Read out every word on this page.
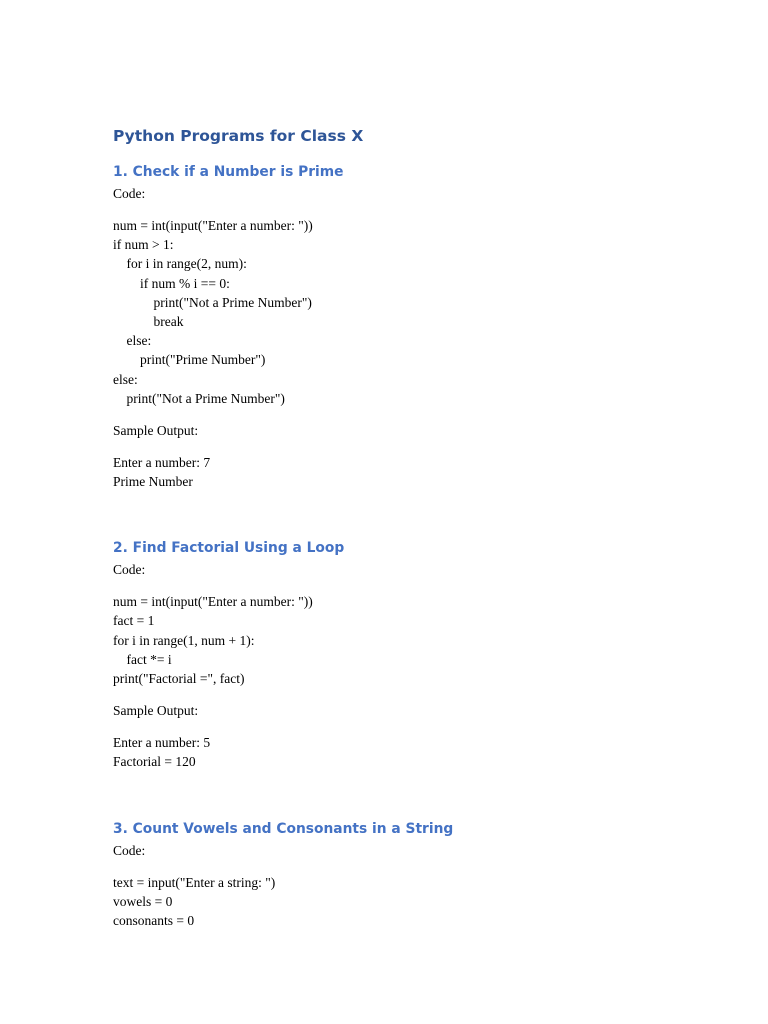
Python Programs for Class X
1. Check if a Number is Prime

Code:

num = int(input("Enter a number: "))
if num > 1:
for i in range(2, num):
if num % i == 0:
print("Not a Prime Number")
break
else:
print("Prime Number")
else:
print("Not a Prime Number")

Sample Output:

Enter a number: 7
Prime Number
2. Find Factorial Using a Loop

Code:

num = int(input("Enter a number: "))
fact = 1
for i in range(1, num + 1):
fact *= i
print("Factorial =", fact)

Sample Output:

Enter a number: 5
Factorial = 120
3. Count Vowels and Consonants in a String

Code:

text = input("Enter a string: ")
vowels = 0
consonants = 0
